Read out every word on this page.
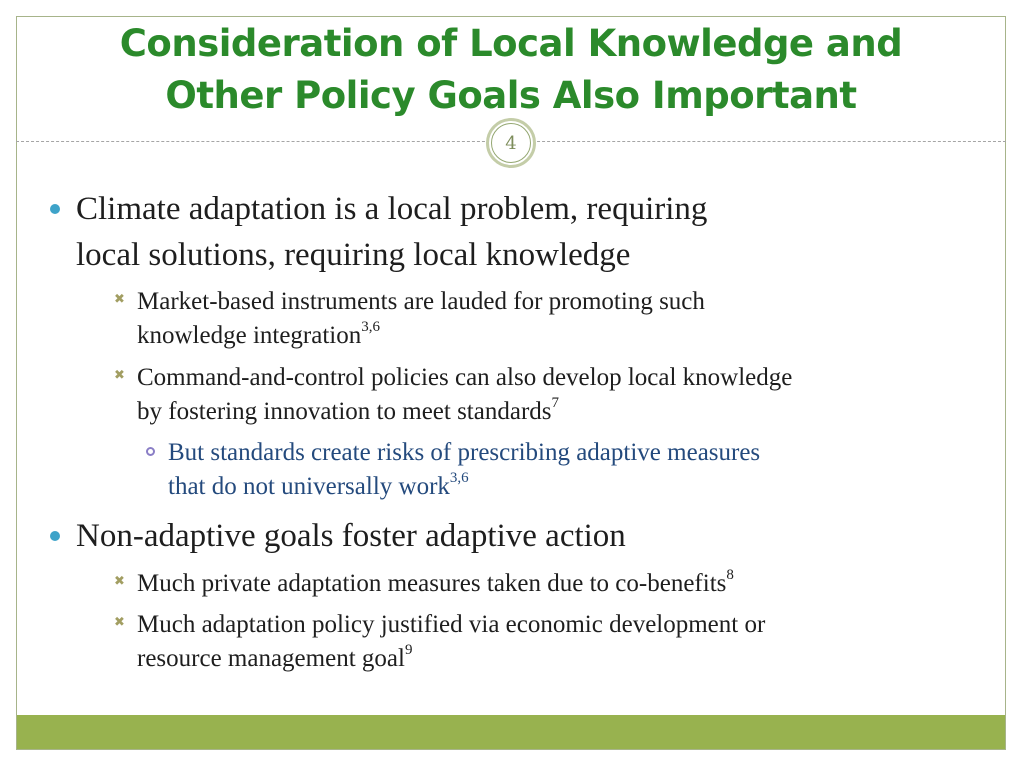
Consideration of Local Knowledge and
Other Policy Goals Also Important
4
Climate adaptation is a local problem, requiring
local solutions, requiring local knowledge
✖ Market-based instruments are lauded for promoting such
knowledge integration$^{3,6}$
✖ Command-and-control policies can also develop local knowledge
by fostering innovation to meet standards$^7$
But standards create risks of prescribing adaptive measures
that do not universally work$^{3,6}$
Non-adaptive goals foster adaptive action
✖ Much private adaptation measures taken due to co-benefits$^8$
✖ Much adaptation policy justified via economic development or
resource management goal$^9$
